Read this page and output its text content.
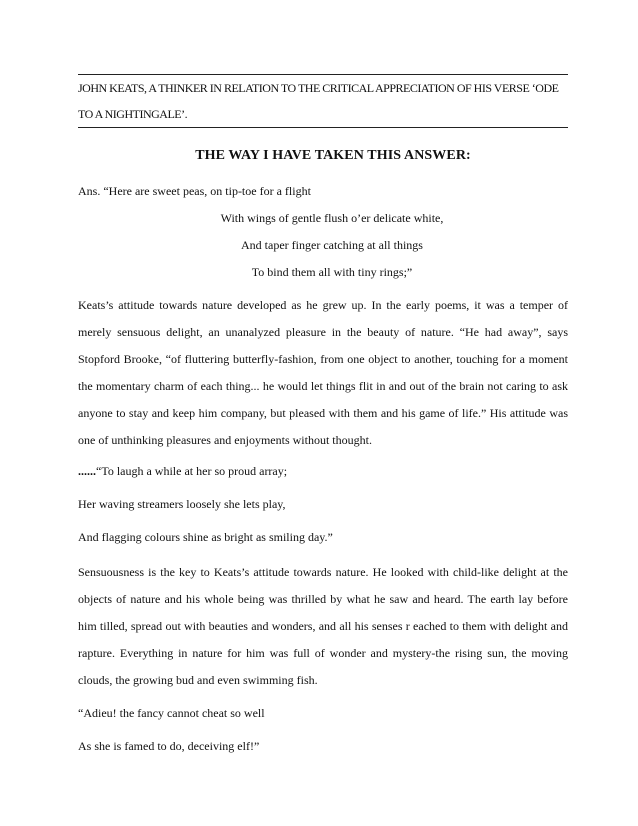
JOHN KEATS, A THINKER IN RELATION TO THE CRITICAL APPRECIATION OF HIS VERSE ‘ODE
TO A NIGHTINGALE’.
THE WAY I HAVE TAKEN THIS ANSWER:
Ans. “Here are sweet peas, on tip-toe for a flight
With wings of gentle flush o’er delicate white,
And taper finger catching at all things
To bind them all with tiny rings;”
Keats’s attitude towards nature developed as he grew up. In the early poems, it was a temper of merely sensuous delight, an unanalyzed pleasure in the beauty of nature. “He had away”, says Stopford Brooke, “of fluttering butterfly-fashion, from one object to another, touching for a moment the momentary charm of each thing... he would let things flit in and out of the brain not caring to ask anyone to stay and keep him company, but pleased with them and his game of life.” His attitude was one of unthinking pleasures and enjoyments without thought.
......“To laugh a while at her so proud array;
Her waving streamers loosely she lets play,
And flagging colours shine as bright as smiling day.”
Sensuousness is the key to Keats’s attitude towards nature. He looked with child-like delight at the objects of nature and his whole being was thrilled by what he saw and heard. The earth lay before him tilled, spread out with beauties and wonders, and all his senses r eached to them with delight and rapture. Everything in nature for him was full of wonder and mystery-the rising sun, the moving clouds, the growing bud and even swimming fish.
“Adieu! the fancy cannot cheat so well
As she is famed to do, deceiving elf!”
